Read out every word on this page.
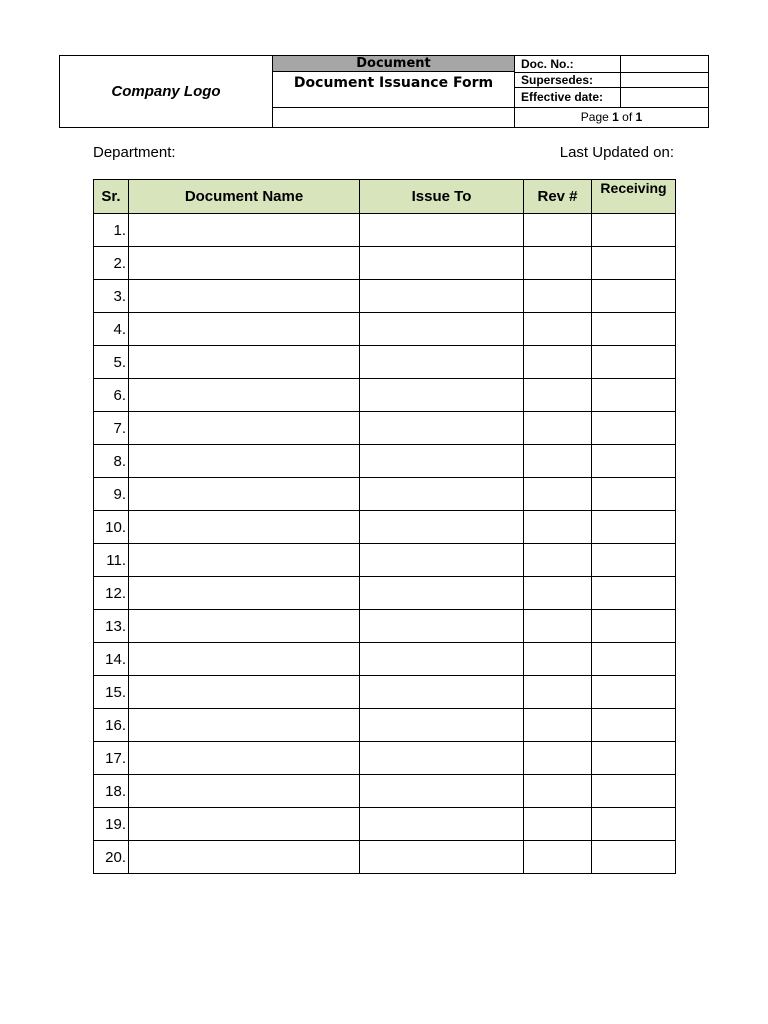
Company Logo
Document
Document Issuance Form
Doc. No.:
Supersedes:
Effective date:
Page 1 of 1
Department:	Last Updated on:
Sr.	Document Name	Issue To	Rev #	Receiving
1.				
2.				
3.				
4.				
5.				
6.				
7.				
8.				
9.				
10.				
11.				
12.				
13.				
14.				
15.				
16.				
17.				
18.				
19.				
20.				
